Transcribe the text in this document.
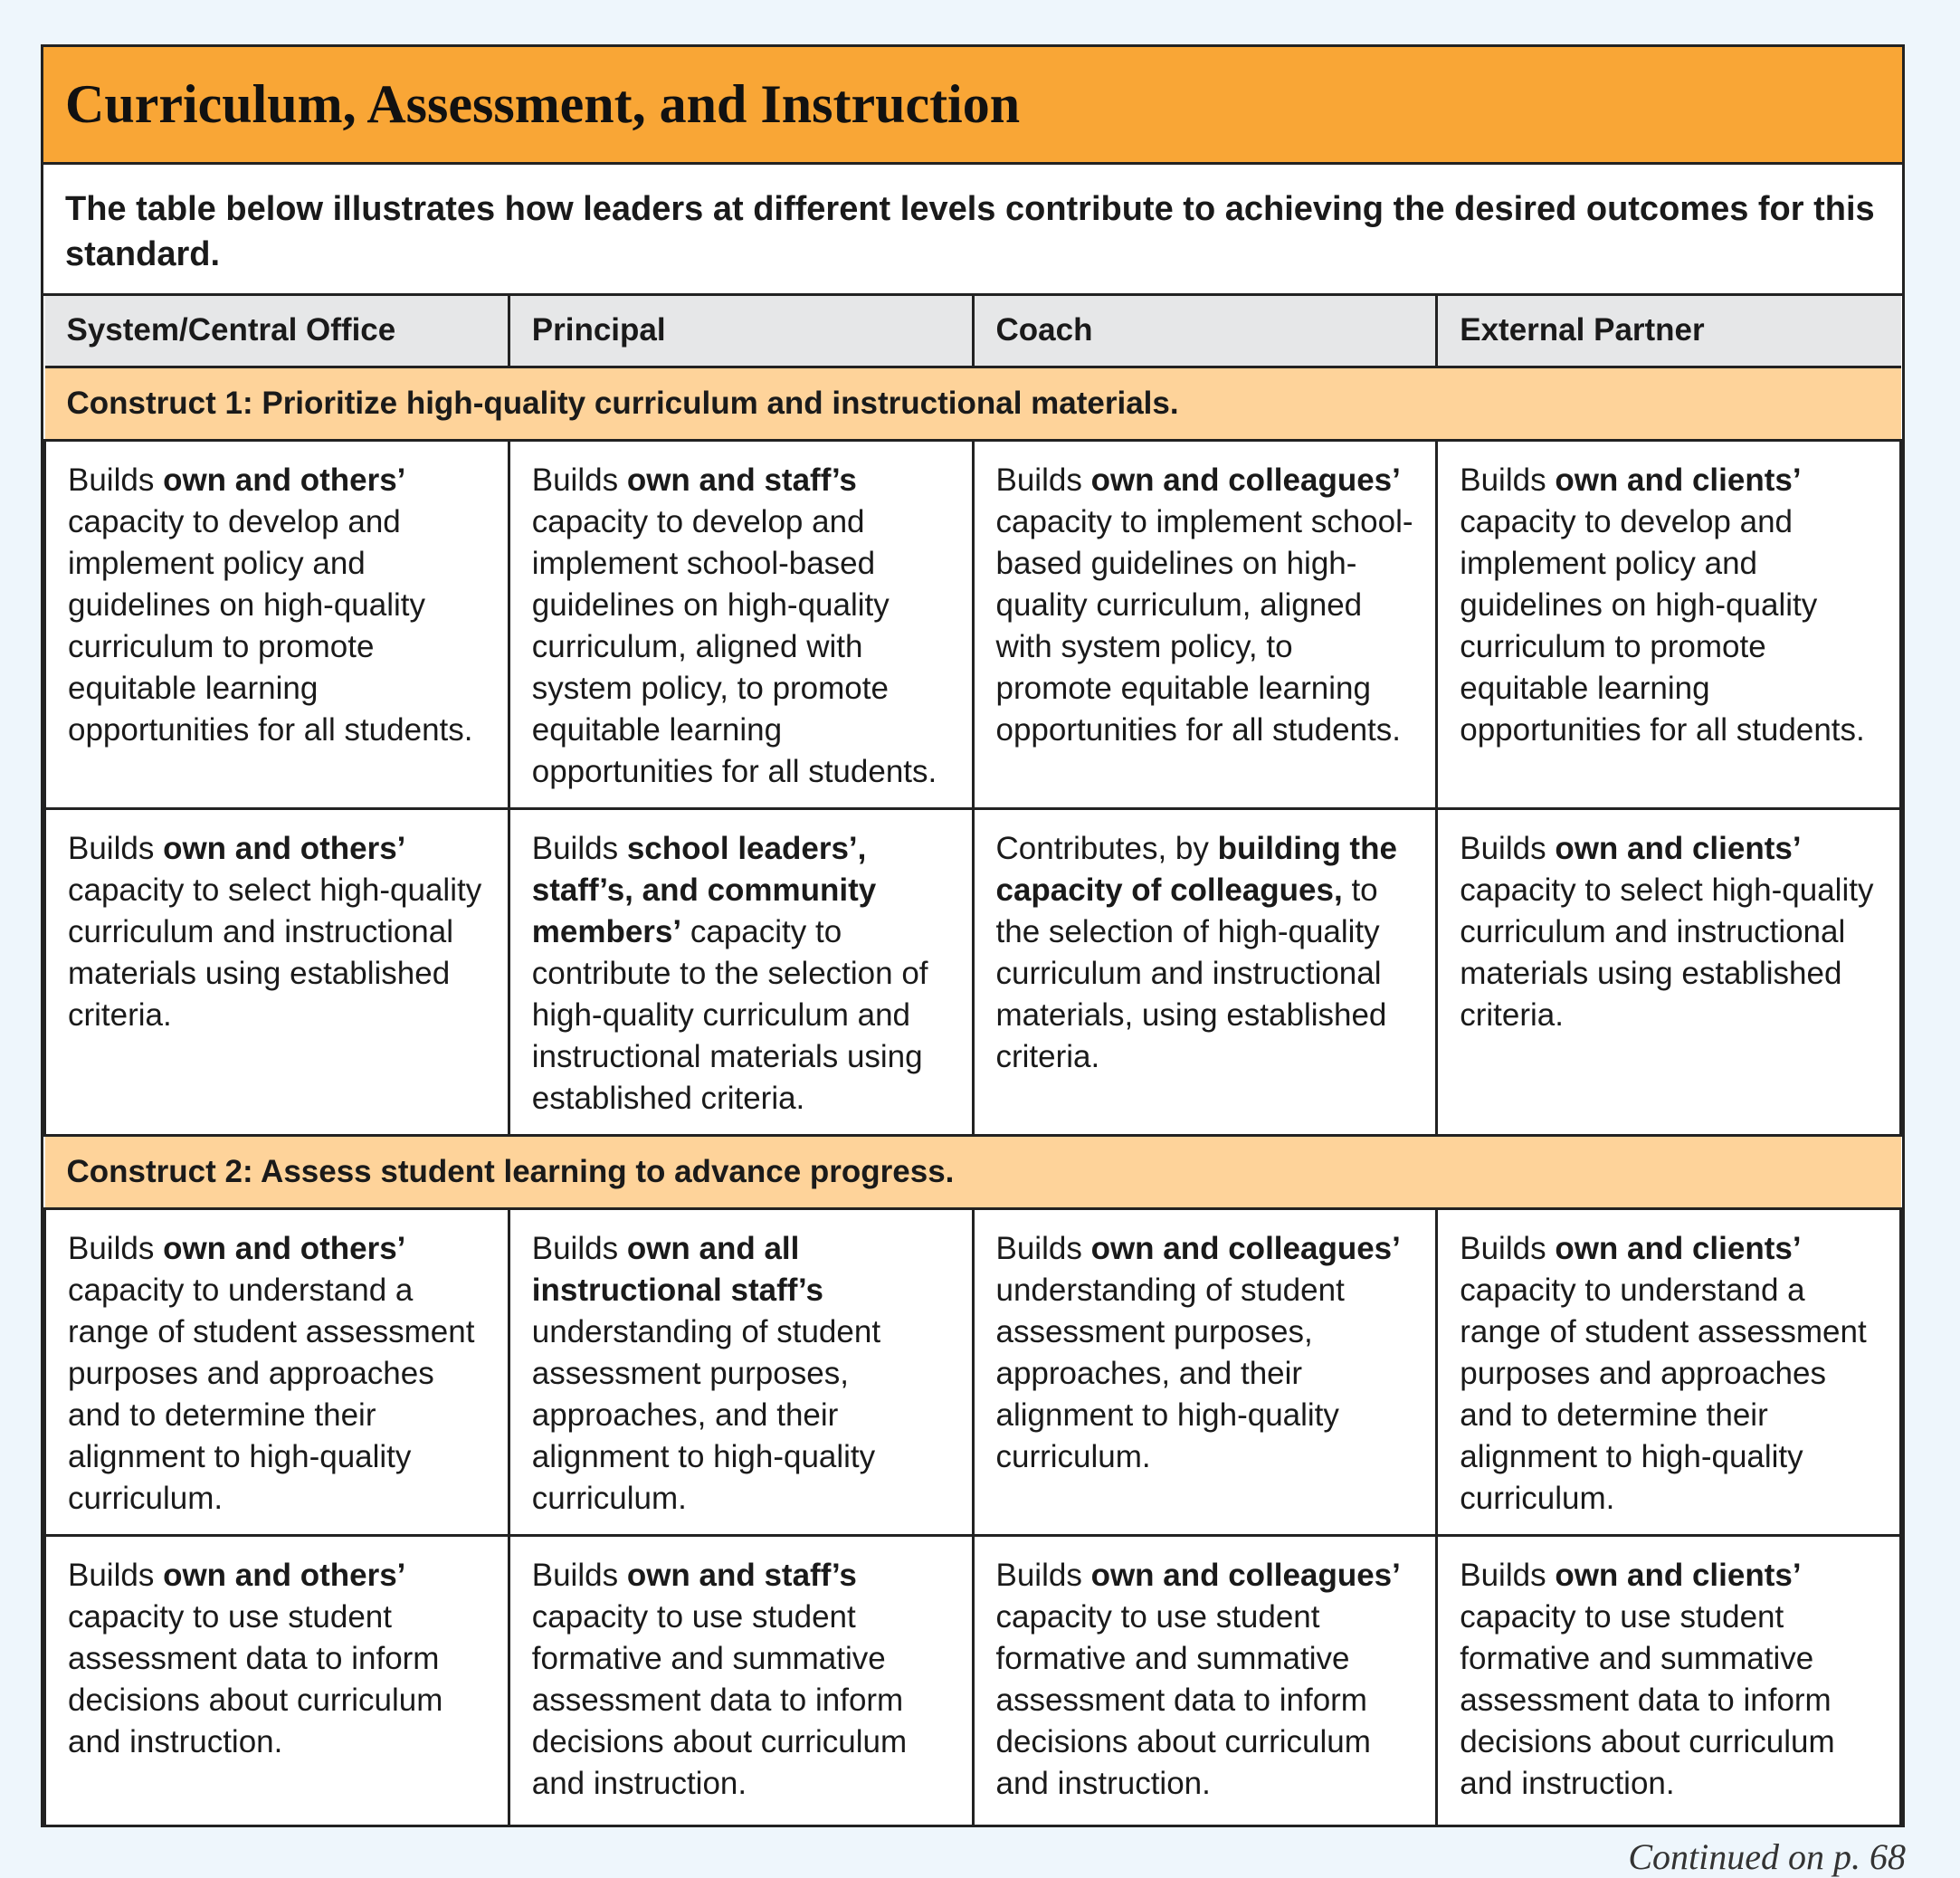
Curriculum, Assessment, and Instruction
The table below illustrates how leaders at different levels contribute to achieving the desired outcomes for this standard.
System/Central Office	Principal	Coach	External Partner
Construct 1: Prioritize high-quality curriculum and instructional materials.			
Builds own and others’ capacity to develop and implement policy and guidelines on high-quality curriculum to promote equitable learning opportunities for all students.	Builds own and staff’s capacity to develop and implement school-based guidelines on high-quality curriculum, aligned with system policy, to promote equitable learning opportunities for all students.	Builds own and colleagues’ capacity to implement school-based guidelines on high-quality curriculum, aligned with system policy, to promote equitable learning opportunities for all students.	Builds own and clients’ capacity to develop and implement policy and guidelines on high-quality curriculum to promote equitable learning opportunities for all students.
Builds own and others’ capacity to select high-quality curriculum and instructional materials using established criteria.	Builds school leaders’, staff’s, and community members’ capacity to contribute to the selection of high-quality curriculum and instructional materials using established criteria.	Contributes, by building the capacity of colleagues, to the selection of high-quality curriculum and instructional materials, using established criteria.	Builds own and clients’ capacity to select high-quality curriculum and instructional materials using established criteria.
Construct 2: Assess student learning to advance progress.			
Builds own and others’ capacity to understand a range of student assessment purposes and approaches and to determine their alignment to high-quality curriculum.	Builds own and all instructional staff’s understanding of student assessment purposes, approaches, and their alignment to high-quality curriculum.	Builds own and colleagues’ understanding of student assessment purposes, approaches, and their alignment to high-quality curriculum.	Builds own and clients’ capacity to understand a range of student assessment purposes and approaches and to determine their alignment to high-quality curriculum.
Builds own and others’ capacity to use student assessment data to inform decisions about curriculum and instruction.	Builds own and staff’s capacity to use student formative and summative assessment data to inform decisions about curriculum and instruction.	Builds own and colleagues’ capacity to use student formative and summative assessment data to inform decisions about curriculum and instruction.	Builds own and clients’ capacity to use student formative and summative assessment data to inform decisions about curriculum and instruction.
Continued on p. 68
